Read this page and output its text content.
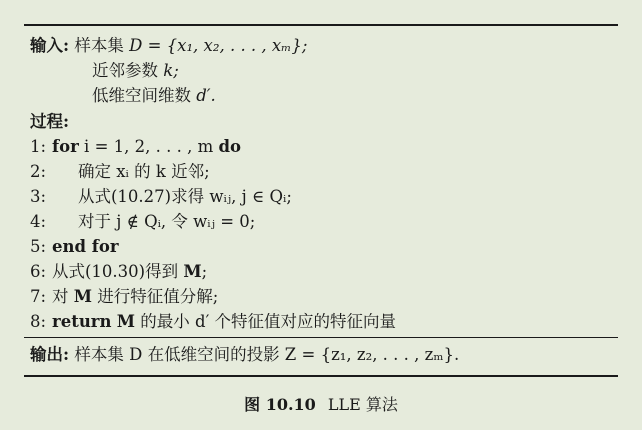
输入: 样本集 D = {x₁, x₂, . . . , xₘ};
近邻参数 k;
低维空间维数 d′.
过程:
1: for i = 1, 2, . . . , m do
2: 确定 xᵢ 的 k 近邻;
3: 从式(10.27)求得 wᵢⱼ, j ∈ Qᵢ;
4: 对于 j ∉ Qᵢ, 令 wᵢⱼ = 0;
5: end for
6: 从式(10.30)得到 M;
7: 对 M 进行特征值分解;
8: return M 的最小 d′ 个特征值对应的特征向量
输出: 样本集 D 在低维空间的投影 Z = {z₁, z₂, . . . , zₘ}.
图 10.10 LLE 算法
